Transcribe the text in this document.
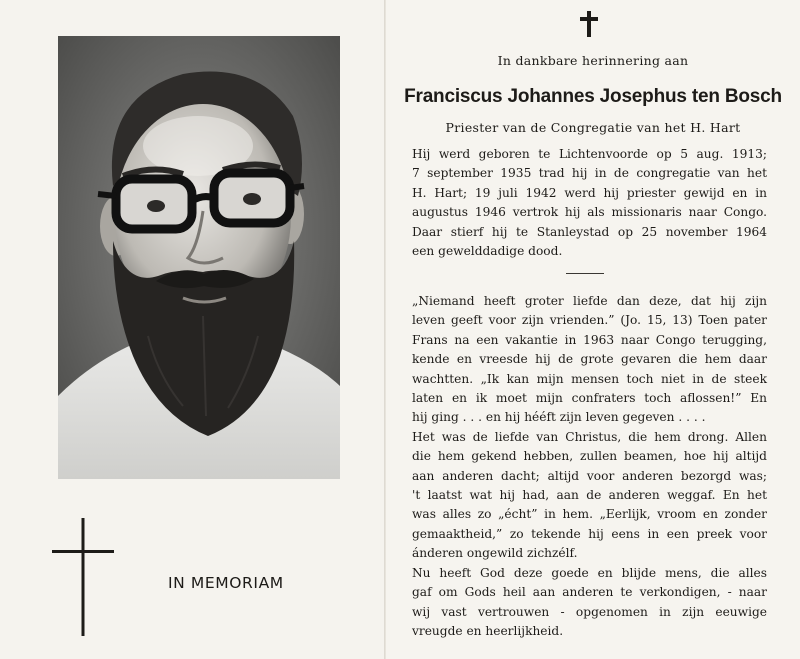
IN MEMORIAM
In dankbare herinnering aan
Franciscus Johannes Josephus ten Bosch
Priester van de Congregatie van het H. Hart
Hij werd geboren te Lichtenvoorde op 5 aug. 1913;
7 september 1935 trad hij in de congregatie van het
H. Hart; 19 juli 1942 werd hij priester gewijd en in
augustus 1946 vertrok hij als missionaris naar Congo.
Daar stierf hij te Stanleystad op 25 november 1964
een gewelddadige dood.
„Niemand heeft groter liefde dan deze, dat hij zijn
leven geeft voor zijn vrienden.” (Jo. 15, 13) Toen pater
Frans na een vakantie in 1963 naar Congo terugging,
kende en vreesde hij de grote gevaren die hem daar
wachtten. „Ik kan mijn mensen toch niet in de steek
laten en ik moet mijn confraters toch aflossen!” En
hij ging . . . en hij hééft zijn leven gegeven . . . .
Het was de liefde van Christus, die hem drong. Allen
die hem gekend hebben, zullen beamen, hoe hij altijd
aan anderen dacht; altijd voor anderen bezorgd was;
't laatst wat hij had, aan de anderen weggaf. En het
was alles zo „écht” in hem. „Eerlijk, vroom en zonder
gemaaktheid,” zo tekende hij eens in een preek voor
ánderen ongewild zichzélf.
Nu heeft God deze goede en blijde mens, die alles
gaf om Gods heil aan anderen te verkondigen, - naar
wij vast vertrouwen - opgenomen in zijn eeuwige
vreugde en heerlijkheid.
